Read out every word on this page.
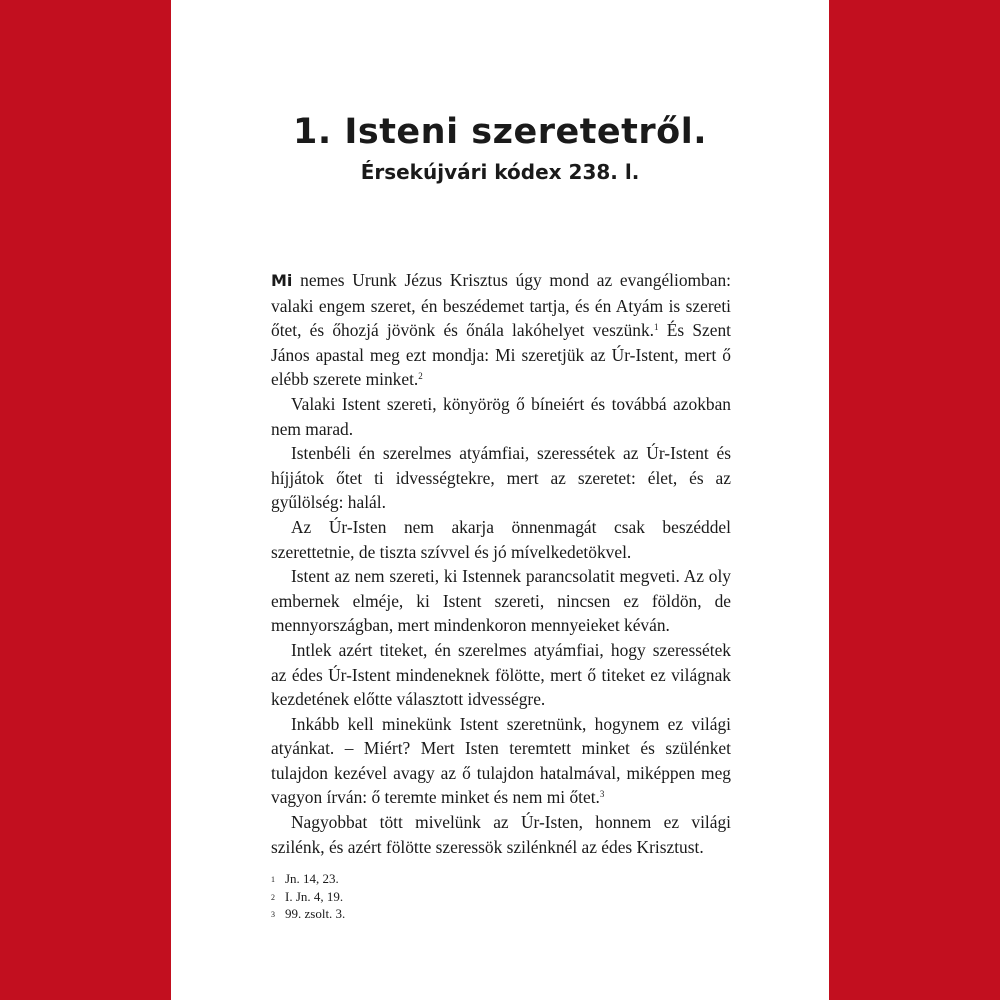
1. Isteni szeretetről.
Érsekújvári kódex 238. l.

Mi nemes Urunk Jézus Krisztus úgy mond az evangéliomban: valaki engem szeret, én beszédemet tartja, és én Atyám is szereti őtet, és őhozjá jövönk és őnála lakóhelyet veszünk.$^1$ És Szent János apastal meg ezt mondja: Mi szeretjük az Úr-Istent, mert ő elébb szerete minket.$^2$

Valaki Istent szereti, könyörög ő bíneiért és továbbá azokban nem marad.

Istenbéli én szerelmes atyámfiai, szeressétek az Úr-Istent és híjjátok őtet ti idvességtekre, mert az szeretet: élet, és az gyűlölség: halál.

Az Úr-Isten nem akarja önnenmagát csak beszéddel szerettetnie, de tiszta szívvel és jó mívelkedetökvel.

Istent az nem szereti, ki Istennek parancsolatit megveti. Az oly embernek elméje, ki Istent szereti, nincsen ez földön, de mennyországban, mert mindenkoron mennyeieket kéván.

Intlek azért titeket, én szerelmes atyámfiai, hogy szeressétek az édes Úr-Istent mindeneknek fölötte, mert ő titeket ez világnak kezdetének előtte választott idvességre.

Inkább kell minekünk Istent szeretnünk, hogynem ez világi atyánkat. – Miért? Mert Isten teremtett minket és szülénket tulajdon kezével avagy az ő tulajdon hatalmával, miképpen meg vagyon írván: ő teremte minket és nem mi őtet.$^3$

Nagyobbat tött mivelünk az Úr-Isten, honnem ez világi szilénk, és azért fölötte szeressök szilénknél az édes Krisztust.

1 Jn. 14, 23.
2 I. Jn. 4, 19.
3 99. zsolt. 3.
